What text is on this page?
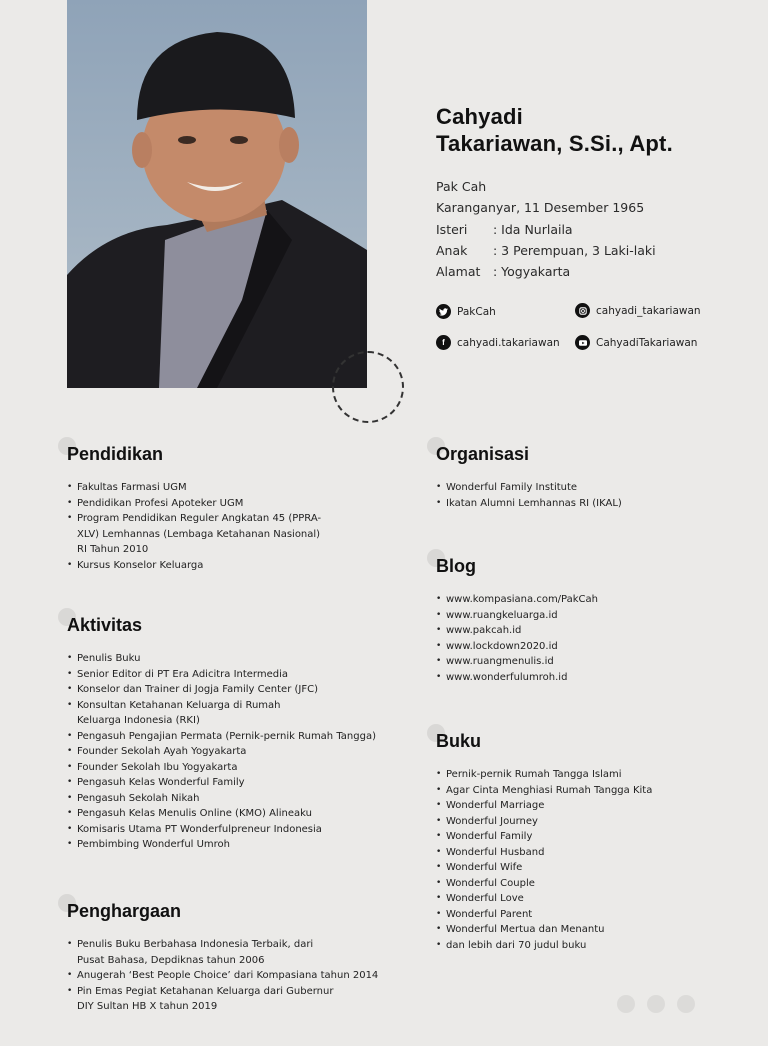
Cahyadi
Takariawan, S.Si., Apt.
Pak Cah
Karanganyar, 11 Desember 1965
Isteri : Ida Nurlaila
Anak : 3 Perempuan, 3 Laki-laki
Alamat : Yogyakarta
PakCah	cahyadi_takariawan
f	cahyadi.takariawan	CahyadiTakariawan
Pendidikan
• Fakultas Farmasi UGM
• Pendidikan Profesi Apoteker UGM
• Program Pendidikan Reguler Angkatan 45 (PPRA-XLV) Lemhannas (Lembaga Ketahanan Nasional) RI Tahun 2010
• Kursus Konselor Keluarga
Aktivitas
• Penulis Buku
• Senior Editor di PT Era Adicitra Intermedia
• Konselor dan Trainer di Jogja Family Center (JFC)
• Konsultan Ketahanan Keluarga di Rumah Keluarga Indonesia (RKI)
• Pengasuh Pengajian Permata (Pernik-pernik Rumah Tangga)
• Founder Sekolah Ayah Yogyakarta
• Founder Sekolah Ibu Yogyakarta
• Pengasuh Kelas Wonderful Family
• Pengasuh Sekolah Nikah
• Pengasuh Kelas Menulis Online (KMO) Alineaku
• Komisaris Utama PT Wonderfulpreneur Indonesia
• Pembimbing Wonderful Umroh
Penghargaan
• Penulis Buku Berbahasa Indonesia Terbaik, dari Pusat Bahasa, Depdiknas tahun 2006
• Anugerah ‘Best People Choice’ dari Kompasiana tahun 2014
• Pin Emas Pegiat Ketahanan Keluarga dari Gubernur DIY Sultan HB X tahun 2019
Organisasi
• Wonderful Family Institute
• Ikatan Alumni Lemhannas RI (IKAL)
Blog
• www.kompasiana.com/PakCah
• www.ruangkeluarga.id
• www.pakcah.id
• www.lockdown2020.id
• www.ruangmenulis.id
• www.wonderfulumroh.id
Buku
• Pernik-pernik Rumah Tangga Islami
• Agar Cinta Menghiasi Rumah Tangga Kita
• Wonderful Marriage
• Wonderful Journey
• Wonderful Family
• Wonderful Husband
• Wonderful Wife
• Wonderful Couple
• Wonderful Love
• Wonderful Parent
• Wonderful Mertua dan Menantu
• dan lebih dari 70 judul buku
